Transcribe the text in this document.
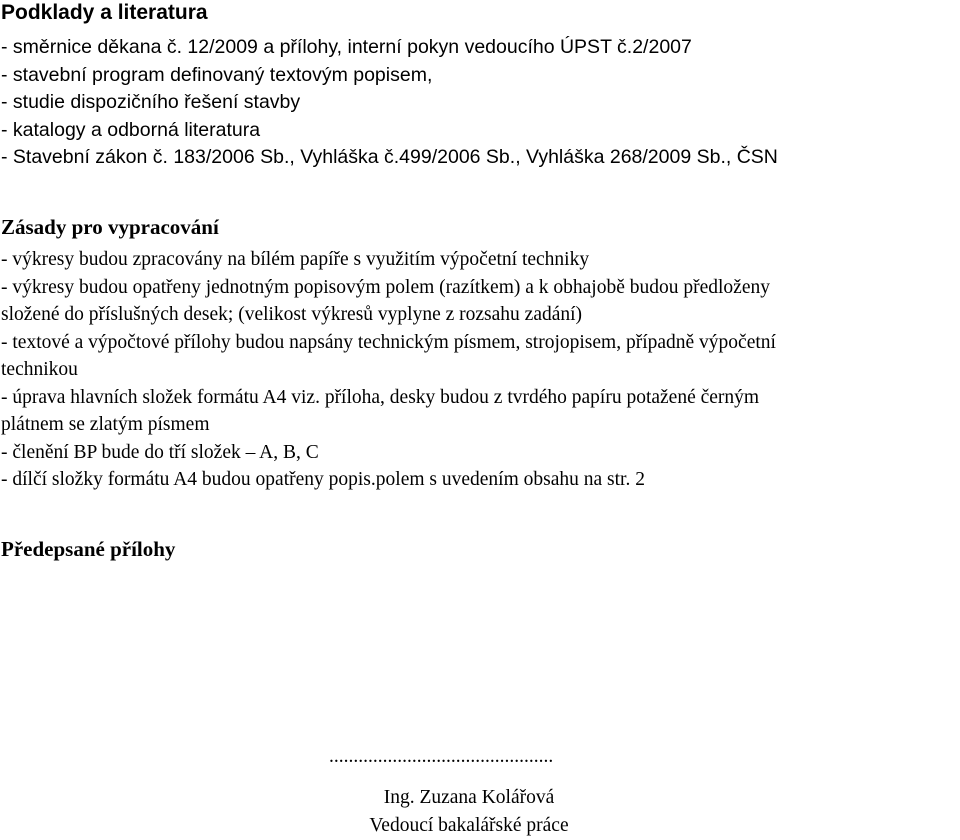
Podklady a literatura

- směrnice děkana č. 12/2009 a přílohy, interní pokyn vedoucího ÚPST č.2/2007

- stavební program definovaný textovým popisem,

- studie dispozičního řešení stavby

- katalogy a odborná literatura

- Stavební zákon č. 183/2006 Sb., Vyhláška č.499/2006 Sb., Vyhláška 268/2009 Sb., ČSN

Zásady pro vypracování

- výkresy budou zpracovány na bílém papíře s využitím výpočetní techniky

- výkresy budou opatřeny jednotným popisovým polem (razítkem) a k obhajobě budou předloženy

složené do příslušných desek; (velikost výkresů vyplyne z rozsahu zadání)

- textové a výpočtové přílohy budou napsány technickým písmem, strojopisem, případně výpočetní

technikou

- úprava hlavních složek formátu A4 viz. příloha, desky budou z tvrdého papíru potažené černým

plátnem se zlatým písmem

- členění BP bude do tří složek – A, B, C

- dílčí složky formátu A4 budou opatřeny popis.polem s uvedením obsahu na str. 2

Předepsané přílohy
..............................................
Ing. Zuzana Kolářová
Vedoucí bakalářské práce
